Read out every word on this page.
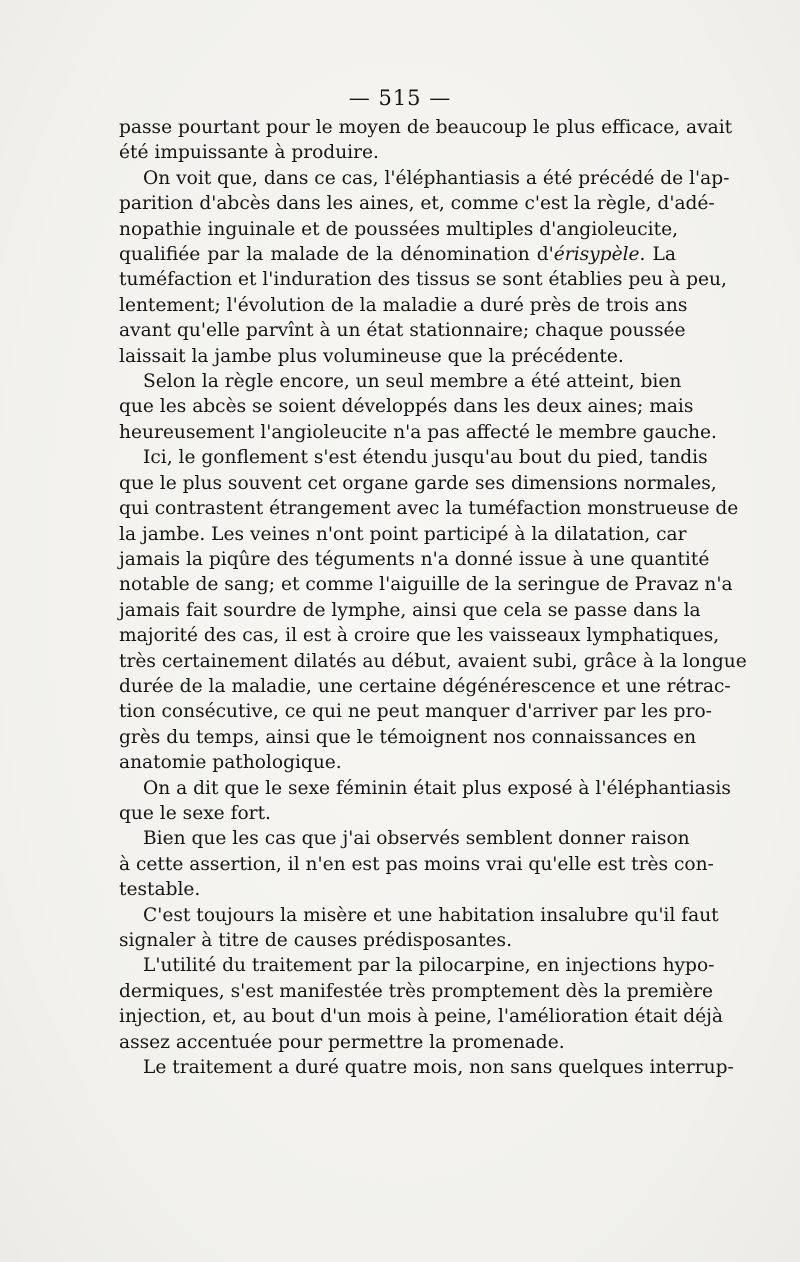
— 515 —
passe pourtant pour le moyen de beaucoup le plus efficace, avait
été impuissante à produire.
On voit que, dans ce cas, l'éléphantiasis a été précédé de l'ap-
parition d'abcès dans les aines, et, comme c'est la règle, d'adé-
nopathie inguinale et de poussées multiples d'angioleucite,
qualifiée par la malade de la dénomination d'érisypèle. La
tuméfaction et l'induration des tissus se sont établies peu à peu,
lentement; l'évolution de la maladie a duré près de trois ans
avant qu'elle parvînt à un état stationnaire; chaque poussée
laissait la jambe plus volumineuse que la précédente.
Selon la règle encore, un seul membre a été atteint, bien
que les abcès se soient développés dans les deux aines; mais
heureusement l'angioleucite n'a pas affecté le membre gauche.
Ici, le gonflement s'est étendu jusqu'au bout du pied, tandis
que le plus souvent cet organe garde ses dimensions normales,
qui contrastent étrangement avec la tuméfaction monstrueuse de
la jambe. Les veines n'ont point participé à la dilatation, car
jamais la piqûre des téguments n'a donné issue à une quantité
notable de sang; et comme l'aiguille de la seringue de Pravaz n'a
jamais fait sourdre de lymphe, ainsi que cela se passe dans la
majorité des cas, il est à croire que les vaisseaux lymphatiques,
très certainement dilatés au début, avaient subi, grâce à la longue
durée de la maladie, une certaine dégénérescence et une rétrac-
tion consécutive, ce qui ne peut manquer d'arriver par les pro-
grès du temps, ainsi que le témoignent nos connaissances en
anatomie pathologique.
On a dit que le sexe féminin était plus exposé à l'éléphantiasis
que le sexe fort.
Bien que les cas que j'ai observés semblent donner raison
à cette assertion, il n'en est pas moins vrai qu'elle est très con-
testable.
C'est toujours la misère et une habitation insalubre qu'il faut
signaler à titre de causes prédisposantes.
L'utilité du traitement par la pilocarpine, en injections hypo-
dermiques, s'est manifestée très promptement dès la première
injection, et, au bout d'un mois à peine, l'amélioration était déjà
assez accentuée pour permettre la promenade.
Le traitement a duré quatre mois, non sans quelques interrup-
